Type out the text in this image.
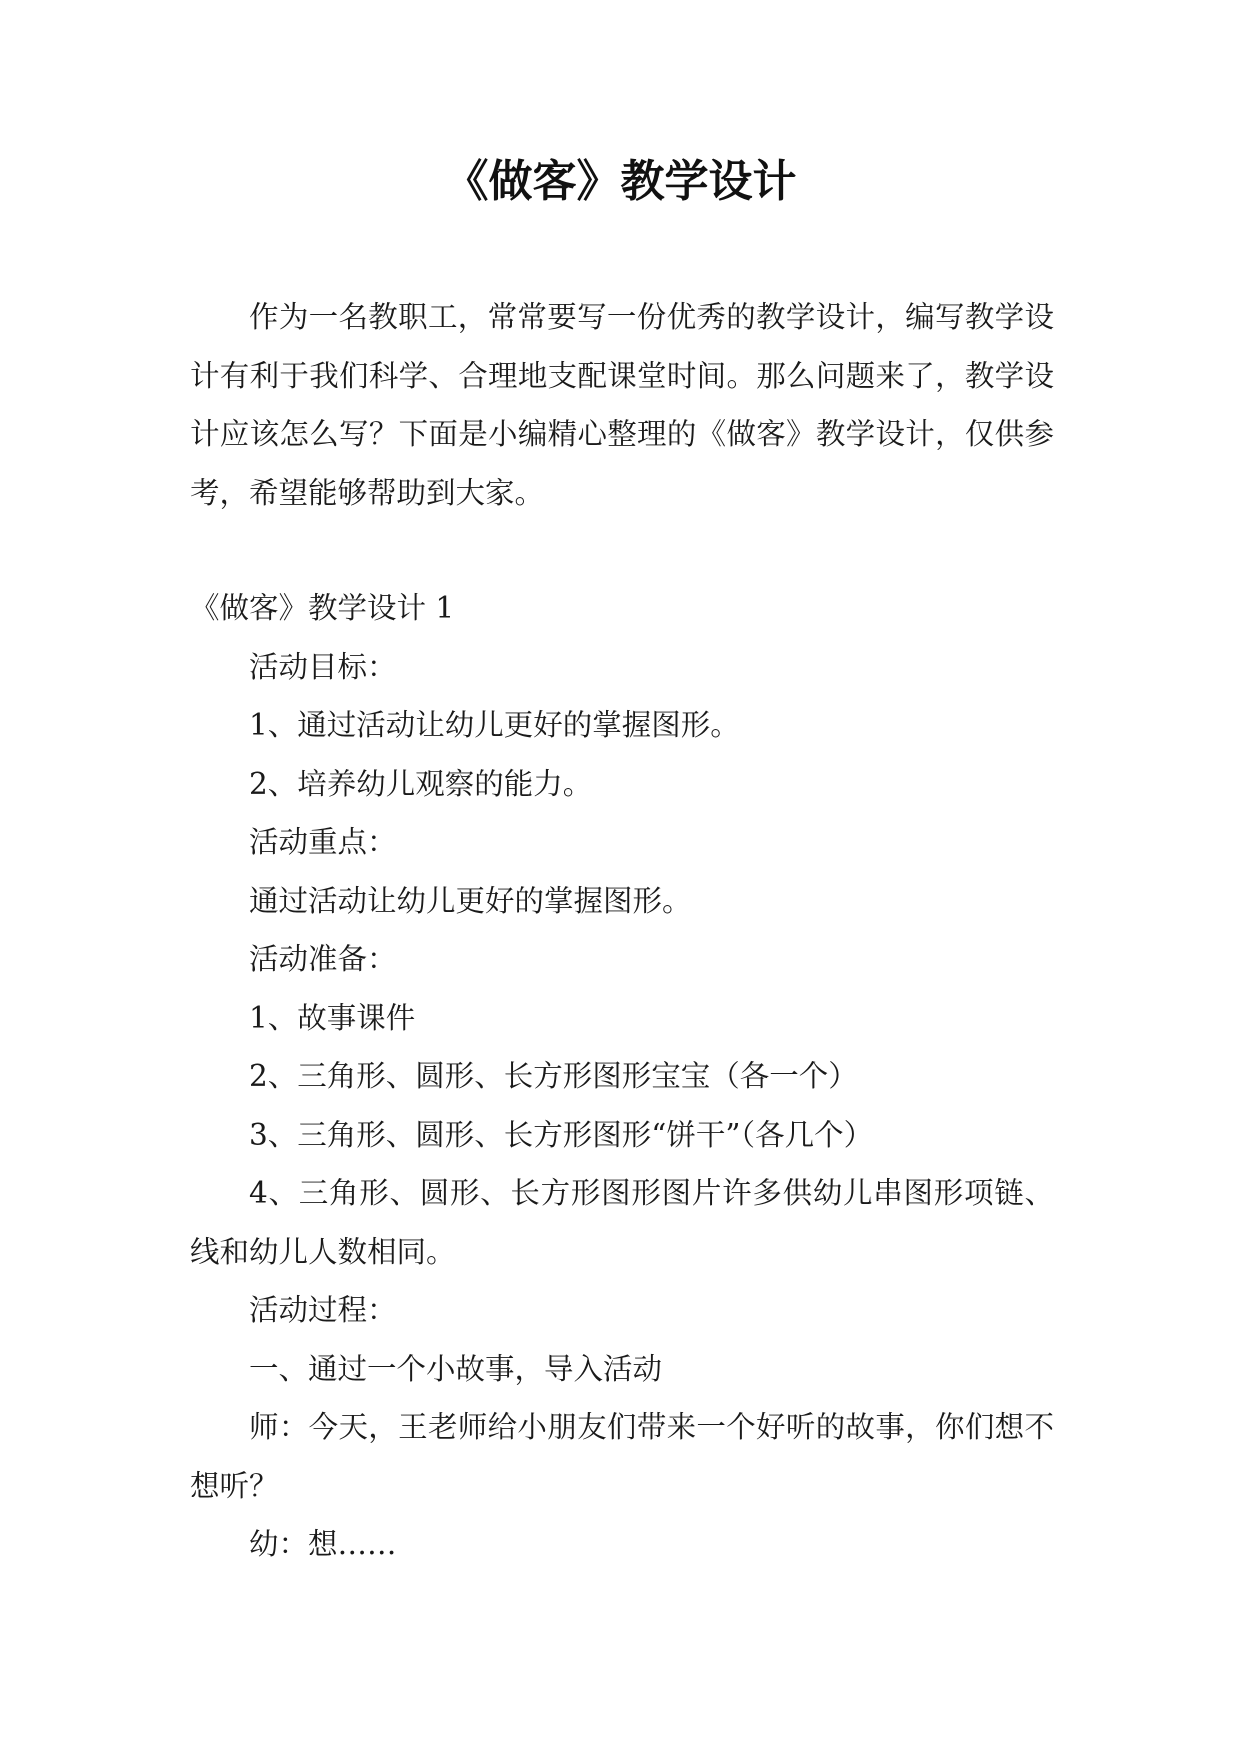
《做客》教学设计

作为一名教职工，常常要写一份优秀的教学设计，编写教学设计有利于我们科学、合理地支配课堂时间。那么问题来了，教学设计应该怎么写？下面是小编精心整理的《做客》教学设计，仅供参考，希望能够帮助到大家。

《做客》教学设计 1

活动目标：

1、通过活动让幼儿更好的掌握图形。

2、培养幼儿观察的能力。

活动重点：

通过活动让幼儿更好的掌握图形。

活动准备：

1、故事课件

2、三角形、圆形、长方形图形宝宝（各一个）

3、三角形、圆形、长方形图形“饼干”（各几个）

4、三角形、圆形、长方形图形图片许多供幼儿串图形项链、线和幼儿人数相同。

活动过程：

一、通过一个小故事，导入活动

师：今天，王老师给小朋友们带来一个好听的故事，你们想不想听？

幼：想……
